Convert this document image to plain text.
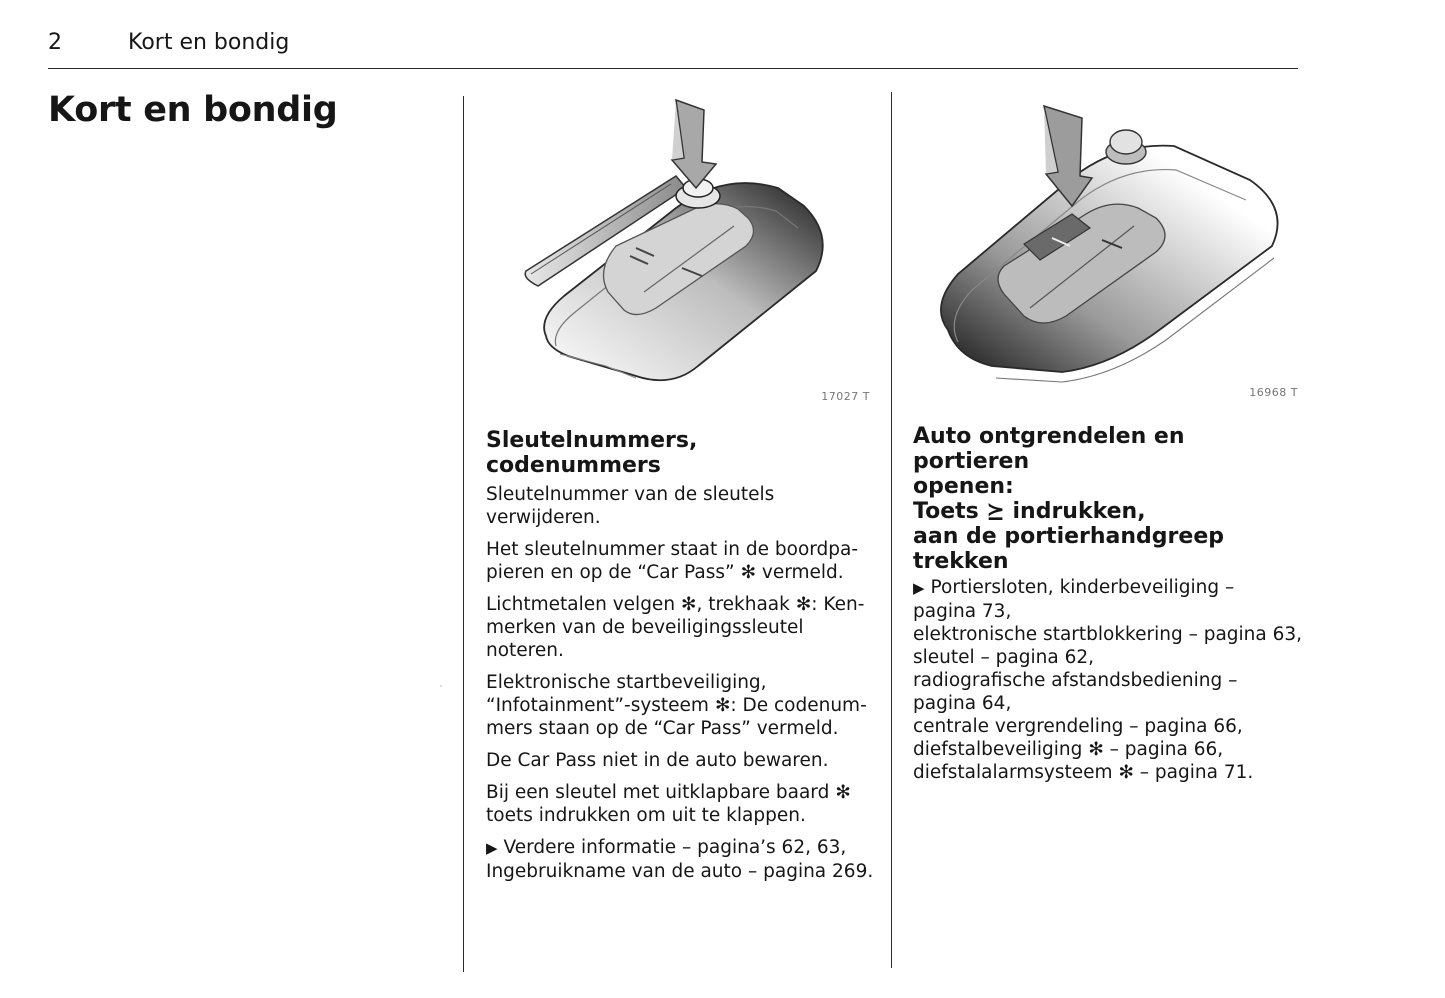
2	Kort en bondig
Kort en bondig
17027 T	16968 T
Sleutelnummers, codenummers

Sleutelnummer van de sleutels verwijderen.

Het sleutelnummer staat in de boordpa-
pieren en op de “Car Pass” ✻ vermeld.

Lichtmetalen velgen ✻, trekhaak ✻: Ken-
merken van de beveiligingssleutel noteren.

Elektronische startbeveiliging,
“Infotainment”-systeem ✻: De codenum-
mers staan op de “Car Pass” vermeld.

De Car Pass niet in de auto bewaren.

Bij een sleutel met uitklapbare baard ✻
toets indrukken om uit te klappen.

▶ Verdere informatie – pagina’s 62, 63,
Ingebruikname van de auto – pagina 269.

Auto ontgrendelen en portieren
openen:
Toets ⪰ indrukken,
aan de portierhandgreep trekken

▶ Portiersloten, kinderbeveiliging –

pagina 73,

elektronische startblokkering – pagina 63,

sleutel – pagina 62,

radiografische afstandsbediening –

pagina 64,

centrale vergrendeling – pagina 66,

diefstalbeveiliging ✻ – pagina 66,

diefstalalarmsysteem ✻ – pagina 71.
